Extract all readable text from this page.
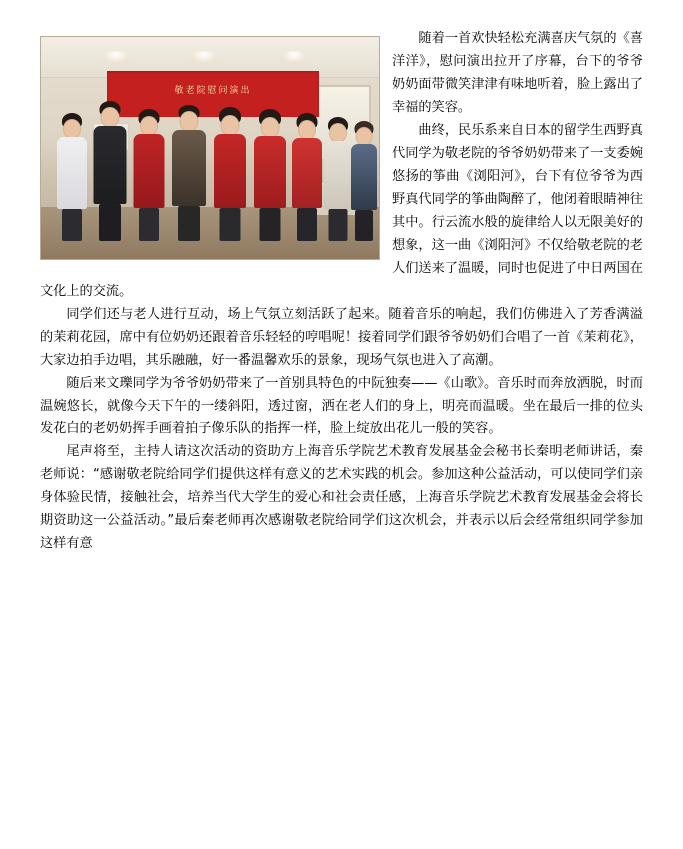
敬老院慰问演出

随着一首欢快轻松充满喜庆气氛的《喜洋洋》，慰问演出拉开了序幕，台下的爷爷奶奶面带微笑津津有味地听着，脸上露出了幸福的笑容。

曲终，民乐系来自日本的留学生西野真代同学为敬老院的爷爷奶奶带来了一支委婉悠扬的筝曲《浏阳河》，台下有位爷爷为西野真代同学的筝曲陶醉了，他闭着眼睛神往其中。行云流水般的旋律给人以无限美好的想象，这一曲《浏阳河》不仅给敬老院的老人们送来了温暖，同时也促进了中日两国在文化上的交流。

同学们还与老人进行互动，场上气氛立刻活跃了起来。随着音乐的响起，我们仿佛进入了芳香满溢的茉莉花园，席中有位奶奶还跟着音乐轻轻的哼唱呢！接着同学们跟爷爷奶奶们合唱了一首《茉莉花》，大家边拍手边唱，其乐融融，好一番温馨欢乐的景象，现场气氛也进入了高潮。

随后来文瓅同学为爷爷奶奶带来了一首别具特色的中阮独奏——《山歌》。音乐时而奔放洒脱，时而温婉悠长，就像今天下午的一缕斜阳，透过窗，洒在老人们的身上，明亮而温暖。坐在最后一排的位头发花白的老奶奶挥手画着拍子像乐队的指挥一样，脸上绽放出花儿一般的笑容。

尾声将至，主持人请这次活动的资助方上海音乐学院艺术教育发展基金会秘书长秦明老师讲话，秦老师说：“感谢敬老院给同学们提供这样有意义的艺术实践的机会。参加这种公益活动，可以使同学们亲身体验民情，接触社会，培养当代大学生的爱心和社会责任感，上海音乐学院艺术教育发展基金会将长期资助这一公益活动。”最后秦老师再次感谢敬老院给同学们这次机会，并表示以后会经常组织同学参加这样有意
